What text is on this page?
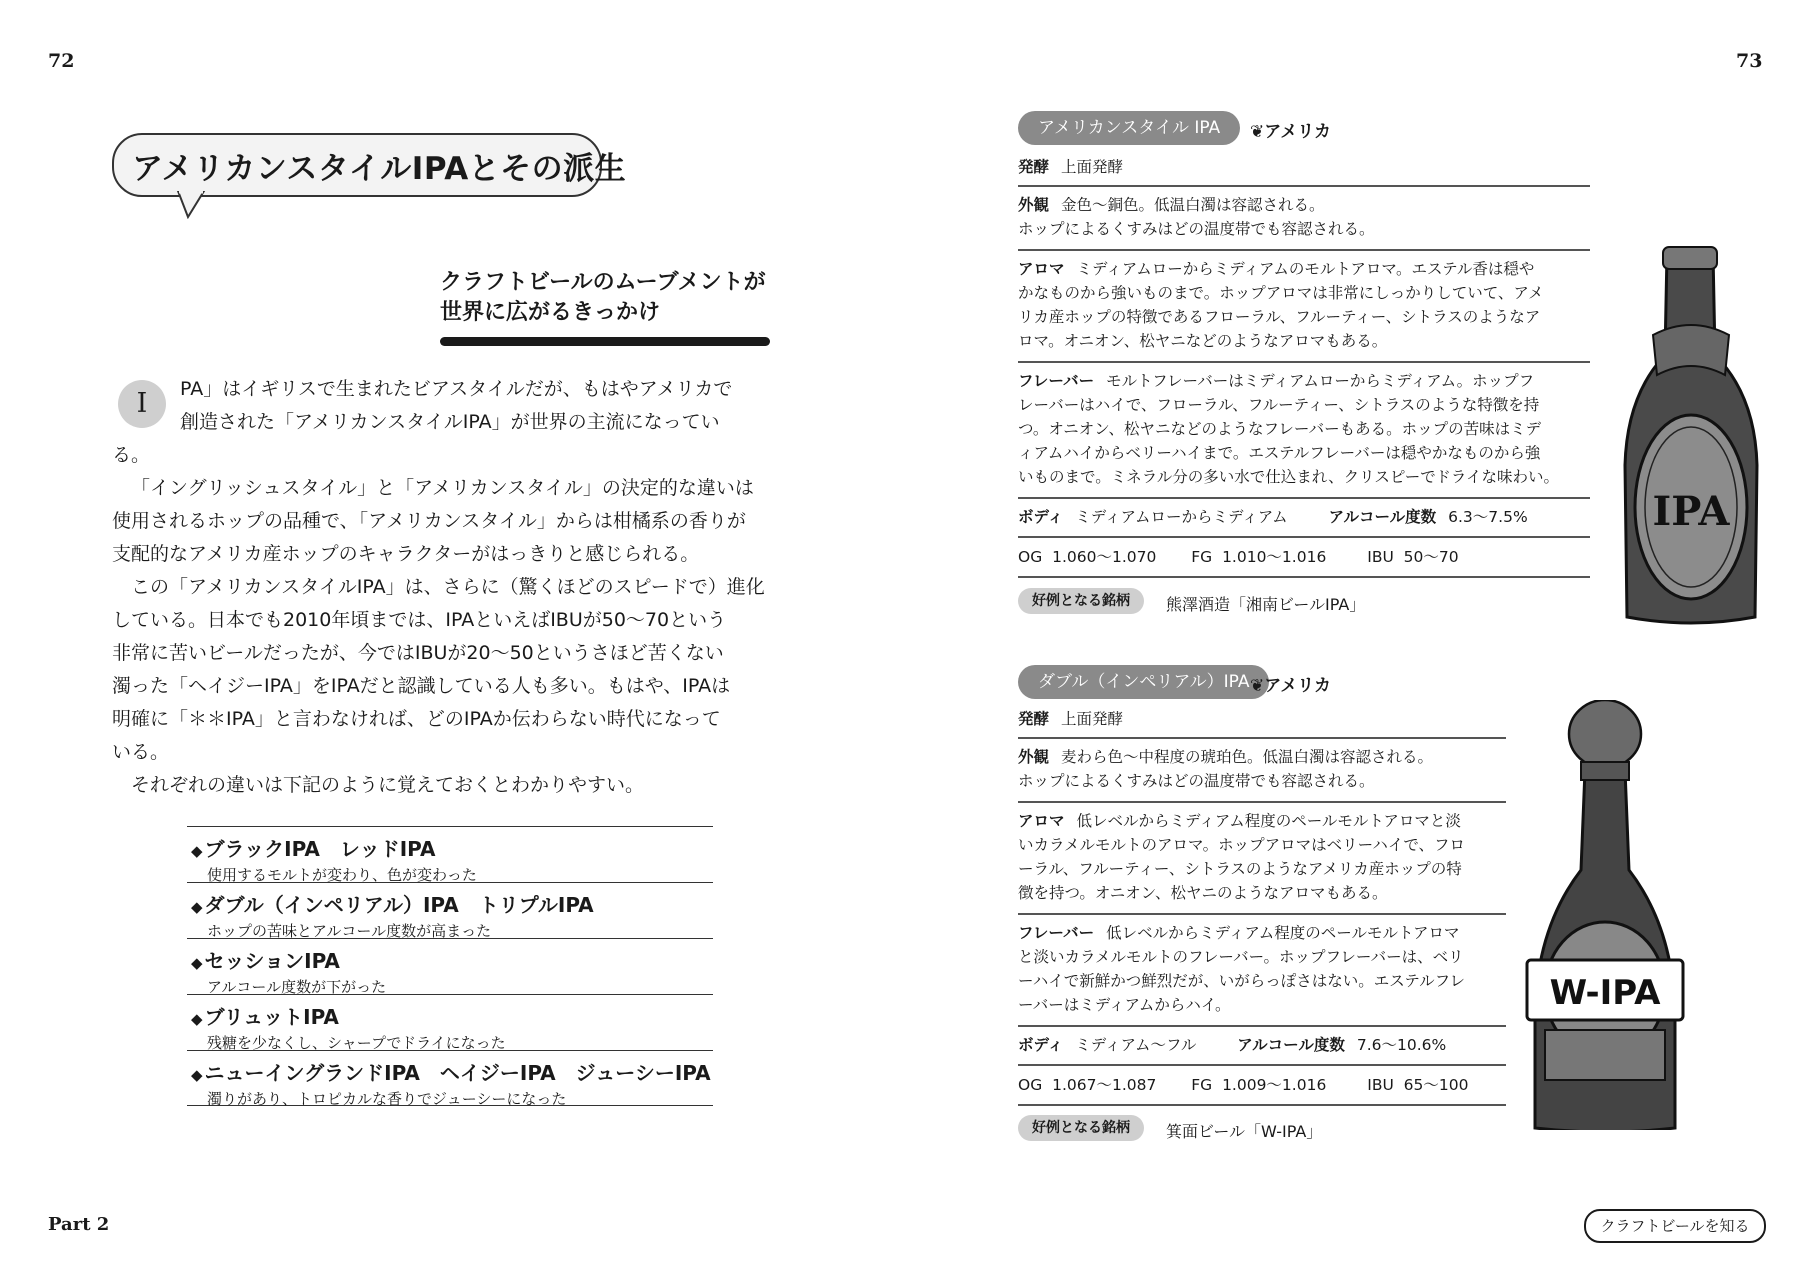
72	73
アメリカンスタイルIPAとその派生
クラフトビールのムーブメントが
世界に広がるきっかけ
I	PA」はイギリスで生まれたビアスタイルだが、もはやアメリカで
創造された「アメリカンスタイルIPA」が世界の主流になってい
る。
「イングリッシュスタイル」と「アメリカンスタイル」の決定的な違いは
使用されるホップの品種で、「アメリカンスタイル」からは柑橘系の香りが
支配的なアメリカ産ホップのキャラクターがはっきりと感じられる。
この「アメリカンスタイルIPA」は、さらに（驚くほどのスピードで）進化
している。日本でも2010年頃までは、IPAといえばIBUが50〜70という
非常に苦いビールだったが、今ではIBUが20〜50というさほど苦くない
濁った「ヘイジーIPA」をIPAだと認識している人も多い。もはや、IPAは
明確に「＊＊IPA」と言わなければ、どのIPAか伝わらない時代になって
いる。
それぞれの違いは下記のように覚えておくとわかりやすい。
◆ ブラックIPA　レッドIPA
使用するモルトが変わり、色が変わった
◆ ダブル（インペリアル）IPA　トリプルIPA
ホップの苦味とアルコール度数が高まった
◆ セッションIPA
アルコール度数が下がった
◆ ブリュットIPA
残糖を少なくし、シャープでドライになった
◆ ニューイングランドIPA　ヘイジーIPA　ジューシーIPA
濁りがあり、トロピカルな香りでジューシーになった
アメリカンスタイル IPA	❦アメリカ
発酵 上面発酵
外観 金色〜銅色。低温白濁は容認される。
ホップによるくすみはどの温度帯でも容認される。
アロマ ミディアムローからミディアムのモルトアロマ。エステル香は穏や
かなものから強いものまで。ホップアロマは非常にしっかりしていて、アメ
リカ産ホップの特徴であるフローラル、フルーティー、シトラスのようなア
ロマ。オニオン、松ヤニなどのようなアロマもある。
フレーバー モルトフレーバーはミディアムローからミディアム。ホップフ
レーバーはハイで、フローラル、フルーティー、シトラスのような特徴を持
つ。オニオン、松ヤニなどのようなフレーバーもある。ホップの苦味はミデ
ィアムハイからベリーハイまで。エステルフレーバーは穏やかなものから強
いものまで。ミネラル分の多い水で仕込まれ、クリスピーでドライな味わい。
ボディ ミディアムローからミディアム	アルコール度数 6.3〜7.5%
OG 1.060〜1.070 FG 1.010〜1.016	IBU 50〜70
好例となる銘柄	熊澤酒造「湘南ビールIPA」
IPA
ダブル（インペリアル）IPA ❦アメリカ
発酵 上面発酵
外観 麦わら色〜中程度の琥珀色。低温白濁は容認される。
ホップによるくすみはどの温度帯でも容認される。
アロマ 低レベルからミディアム程度のペールモルトアロマと淡
いカラメルモルトのアロマ。ホップアロマはベリーハイで、フロ
ーラル、フルーティー、シトラスのようなアメリカ産ホップの特
徴を持つ。オニオン、松ヤニのようなアロマもある。
フレーバー 低レベルからミディアム程度のペールモルトアロマ
と淡いカラメルモルトのフレーバー。ホップフレーバーは、ベリ
ーハイで新鮮かつ鮮烈だが、いがらっぽさはない。エステルフレ
ーバーはミディアムからハイ。
ボディ ミディアム〜フル	アルコール度数 7.6〜10.6%
OG 1.067〜1.087 FG 1.009〜1.016	IBU 65〜100
好例となる銘柄	箕面ビール「W-IPA」
W-IPA
Part 2	クラフトビールを知る
